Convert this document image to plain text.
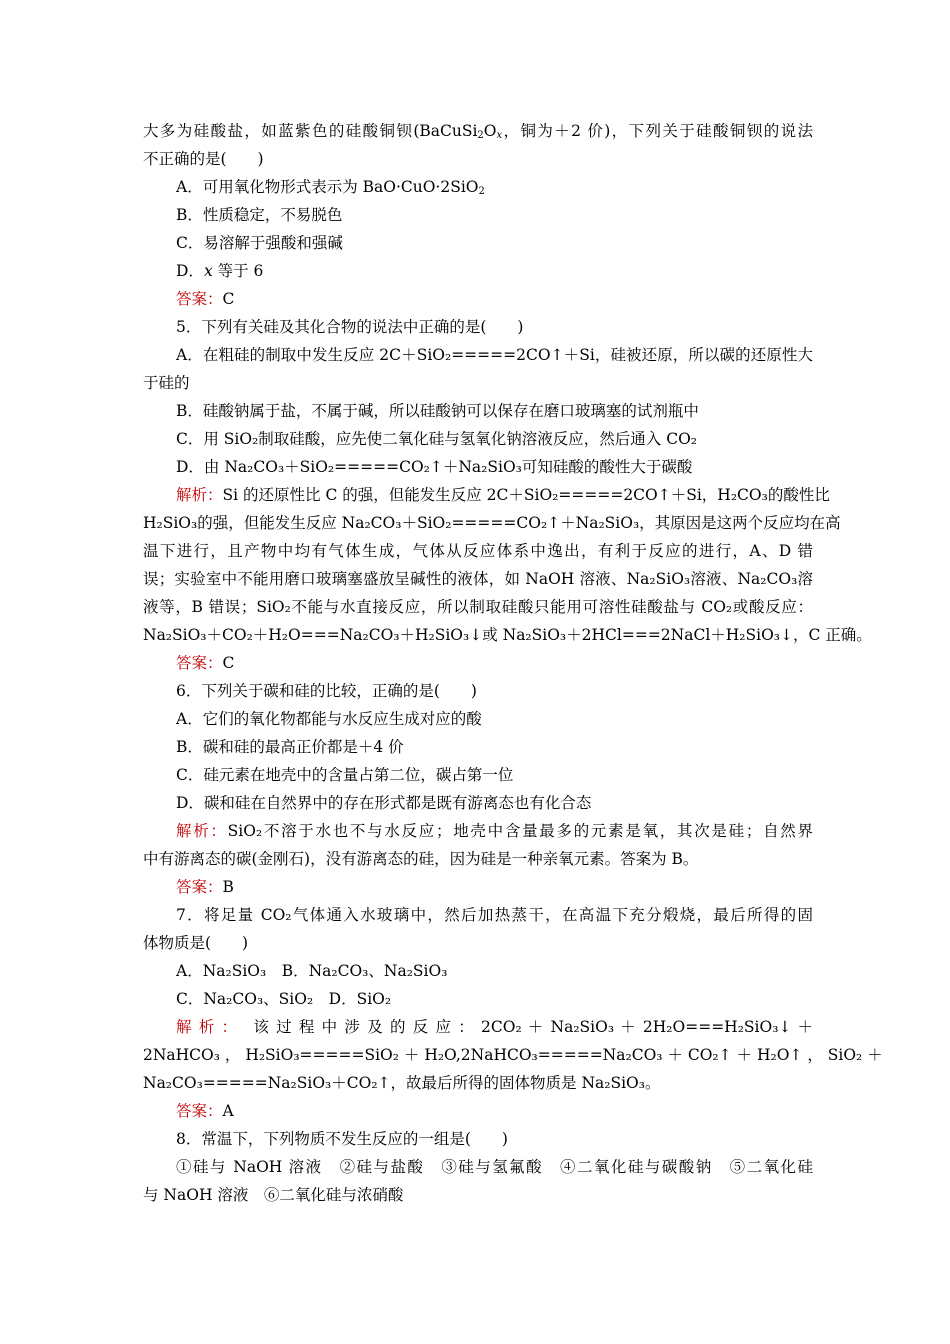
大多为硅酸盐，如蓝紫色的硅酸铜钡($BaCuSi_2O_x$，铜为＋2 价)，下列关于硅酸铜钡的说法
不正确的是(　　)
A．可用氧化物形式表示为 BaO·CuO·2SiO$_2$
B．性质稳定，不易脱色
C．易溶解于强酸和强碱
D．x 等于 6
答案：C
5．下列有关硅及其化合物的说法中正确的是(　　)
A．在粗硅的制取中发生反应 2C＋SiO₂=====2CO↑＋Si，硅被还原，所以碳的还原性大
于硅的
B．硅酸钠属于盐，不属于碱，所以硅酸钠可以保存在磨口玻璃塞的试剂瓶中
C．用 SiO₂制取硅酸，应先使二氧化硅与氢氧化钠溶液反应，然后通入 CO₂
D．由 Na₂CO₃＋SiO₂=====CO₂↑＋Na₂SiO₃可知硅酸的酸性大于碳酸
解析：Si 的还原性比 C 的强，但能发生反应 2C＋SiO₂=====2CO↑＋Si，H₂CO₃的酸性比
H₂SiO₃的强，但能发生反应 Na₂CO₃＋SiO₂=====CO₂↑＋Na₂SiO₃，其原因是这两个反应均在高
温下进行，且产物中均有气体生成，气体从反应体系中逸出，有利于反应的进行，A、D 错
误；实验室中不能用磨口玻璃塞盛放呈碱性的液体，如 NaOH 溶液、Na₂SiO₃溶液、Na₂CO₃溶
液等，B 错误；SiO₂不能与水直接反应，所以制取硅酸只能用可溶性硅酸盐与 CO₂或酸反应：
Na₂SiO₃＋CO₂＋H₂O===Na₂CO₃＋H₂SiO₃↓或 Na₂SiO₃＋2HCl===2NaCl＋H₂SiO₃↓，C 正确。
答案：C
6．下列关于碳和硅的比较，正确的是(　　)
A．它们的氧化物都能与水反应生成对应的酸
B．碳和硅的最高正价都是＋4 价
C．硅元素在地壳中的含量占第二位，碳占第一位
D．碳和硅在自然界中的存在形式都是既有游离态也有化合态
解析：SiO₂不溶于水也不与水反应；地壳中含量最多的元素是氧，其次是硅；自然界
中有游离态的碳(金刚石)，没有游离态的硅，因为硅是一种亲氧元素。答案为 B。
答案：B
7．将足量 CO₂气体通入水玻璃中，然后加热蒸干，在高温下充分煅烧，最后所得的固
体物质是(　　)
A．Na₂SiO₃　B．Na₂CO₃、Na₂SiO₃
C．Na₂CO₃、SiO₂　D．SiO₂
解 析 ： 该 过 程 中 涉 及 的 反 应 ： 2CO₂ ＋ Na₂SiO₃ ＋ 2H₂O===H₂SiO₃↓ ＋
2NaHCO₃ ， H₂SiO₃=====SiO₂ ＋ H₂O,2NaHCO₃=====Na₂CO₃ ＋ CO₂↑ ＋ H₂O↑ ， SiO₂ ＋
Na₂CO₃=====Na₂SiO₃＋CO₂↑，故最后所得的固体物质是 Na₂SiO₃。
答案：A
8．常温下，下列物质不发生反应的一组是(　　)
①硅与 NaOH 溶液　②硅与盐酸　③硅与氢氟酸　④二氧化硅与碳酸钠　⑤二氧化硅
与 NaOH 溶液　⑥二氧化硅与浓硝酸
